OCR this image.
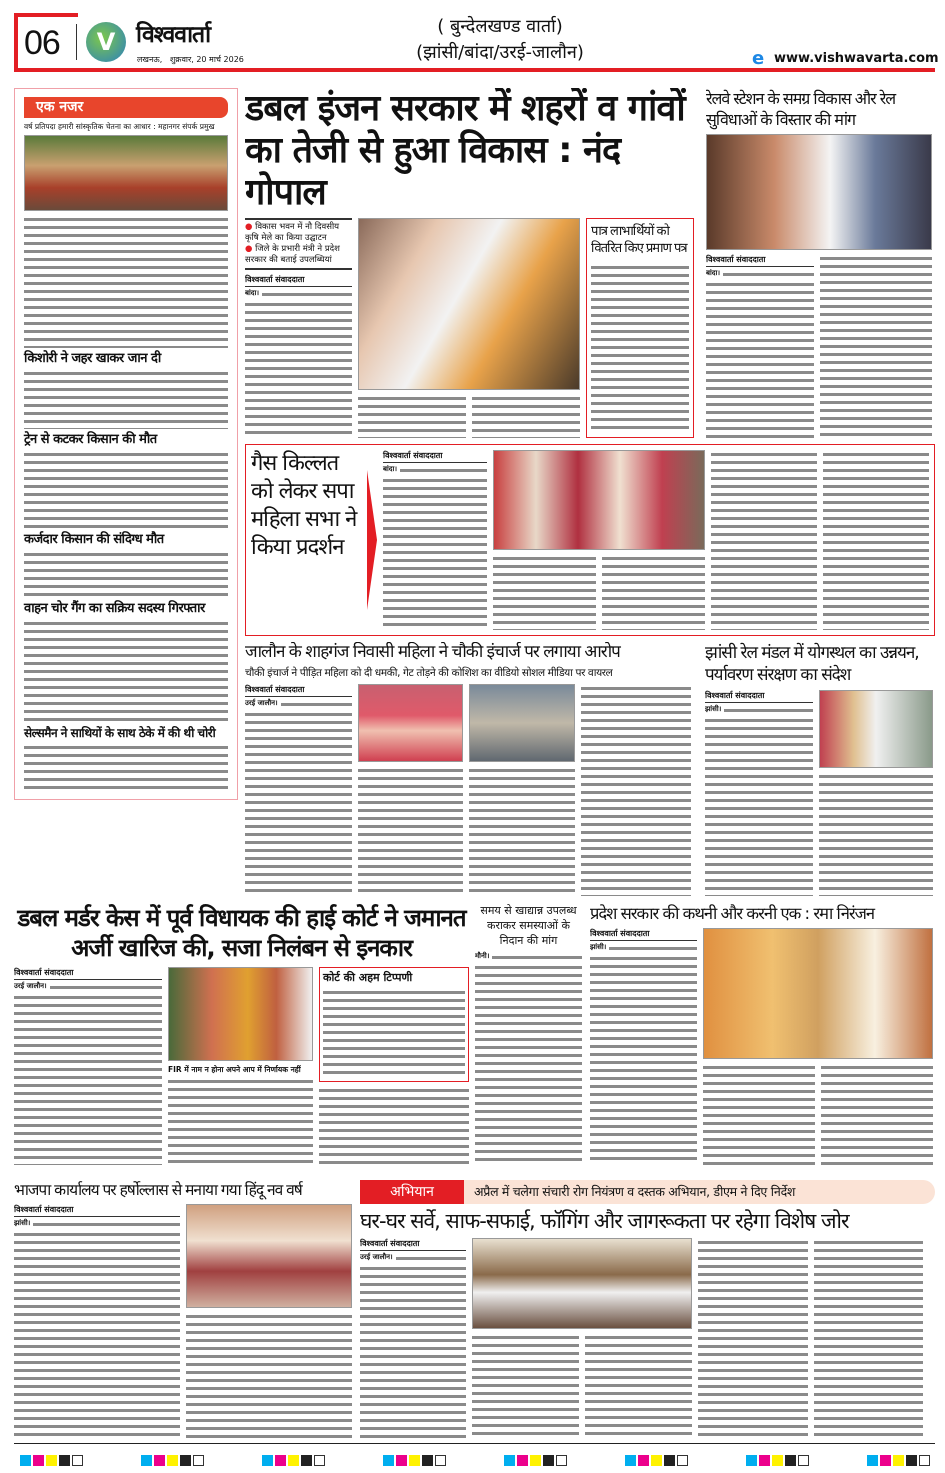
06	V विश्ववार्ता
लखनऊ,   शुक्रवार, 20 मार्च 2026
( बुन्देलखण्ड वार्ता)
(झांसी/बांदा/उरई-जालौन)	e www.vishwavarta.com
एक नजर
वर्ष प्रतिपदा हमारी सांस्कृतिक चेतना का आधार : महानगर संपर्क प्रमुख
किशोरी ने जहर खाकर जान दी
ट्रेन से कटकर किसान की मौत
कर्जदार किसान की संदिग्ध मौत
वाहन चोर गैंग का सक्रिय सदस्य गिरफ्तार
सेल्समैन ने साथियों के साथ ठेके में की थी चोरी
डबल इंजन सरकार में शहरों व गांवों का तेजी से हुआ विकास : नंद गोपाल
● विकास भवन में नौ दिवसीय कृषि मेले का किया उद्घाटन
● जिले के प्रभारी मंत्री ने प्रदेश सरकार की बताई उपलब्धियां
विश्ववार्ता संवाददाता
बांदा।
पात्र लाभार्थियों को वितरित किए प्रमाण पत्र
रेलवे स्टेशन के समग्र विकास और रेल सुविधाओं के विस्तार की मांग
विश्ववार्ता संवाददाता
बांदा।
गैस किल्लत को लेकर सपा महिला सभा ने किया प्रदर्शन
विश्ववार्ता संवाददाता
बांदा।
जालौन के शाहगंज निवासी महिला ने चौकी इंचार्ज पर लगाया आरोप
चौकी इंचार्ज ने पीड़ित महिला को दी धमकी, गेट तोड़ने की कोशिश का वीडियो सोशल मीडिया पर वायरल
विश्ववार्ता संवाददाता
उरई जालौन।
झांसी रेल मंडल में योगस्थल का उन्नयन, पर्यावरण संरक्षण का संदेश
विश्ववार्ता संवाददाता
झांसी।
डबल मर्डर केस में पूर्व विधायक की हाई कोर्ट ने जमानत अर्जी खारिज की, सजा निलंबन से इनकार
विश्ववार्ता संवाददाता
उरई जालौन।
FIR में नाम न होना अपने आप में निर्णायक नहीं
कोर्ट की अहम टिप्पणी
समय से खाद्यान्न उपलब्ध कराकर समस्याओं के निदान की मांग
मौनी।
प्रदेश सरकार की कथनी और करनी एक : रमा निरंजन
विश्ववार्ता संवाददाता
झांसी।
भाजपा कार्यालय पर हर्षोल्लास से मनाया गया हिंदू नव वर्ष
विश्ववार्ता संवाददाता
झांसी।
अभियान	अप्रैल में चलेगा संचारी रोग नियंत्रण व दस्तक अभियान, डीएम ने दिए निर्देश
घर-घर सर्वे, साफ-सफाई, फॉगिंग और जागरूकता पर रहेगा विशेष जोर
विश्ववार्ता संवाददाता
उरई जालौन।
